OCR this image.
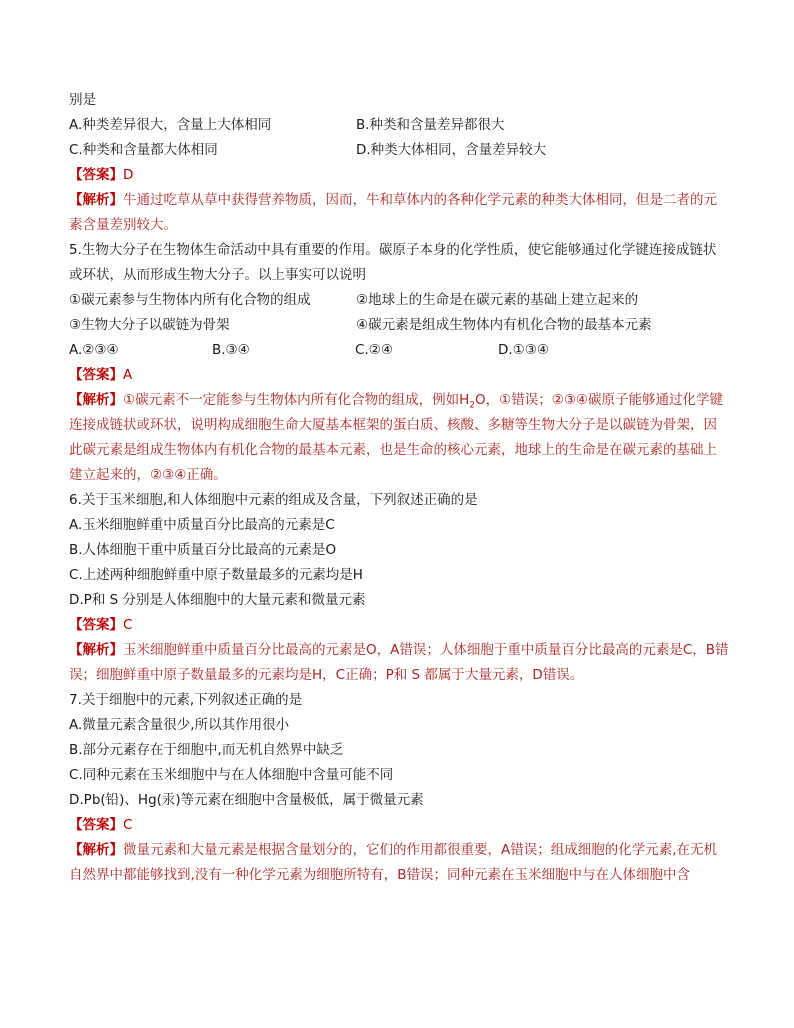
别是
A.种类差异很大，含量上大体相同	B.种类和含量差异都很大
C.种类和含量都大体相同	D.种类大体相同，含量差异较大
【答案】D
【解析】牛通过吃草从草中获得营养物质，因而，牛和草体内的各种化学元素的种类大体相同，但是二者的元素含量差别较大。
5.生物大分子在生物体生命活动中具有重要的作用。碳原子本身的化学性质，使它能够通过化学键连接成链状或环状，从而形成生物大分子。以上事实可以说明
①碳元素参与生物体内所有化合物的组成	②地球上的生命是在碳元素的基础上建立起来的
③生物大分子以碳链为骨架	④碳元素是组成生物体内有机化合物的最基本元素
A.②③④	B.③④	C.②④	D.①③④
【答案】A
【解析】①碳元素不一定能参与生物体内所有化合物的组成，例如$H_2O$，①错误；②③④碳原子能够通过化学键连接成链状或环状，说明构成细胞生命大厦基本框架的蛋白质、核酸、多糖等生物大分子是以碳链为骨架，因此碳元素是组成生物体内有机化合物的最基本元素，也是生命的核心元素，地球上的生命是在碳元素的基础上建立起来的，②③④正确。
6.关于玉米细胞,和人体细胞中元素的组成及含量，下列叙述正确的是
A.玉米细胞鲜重中质量百分比最高的元素是C
B.人体细胞干重中质量百分比最高的元素是O
C.上述两种细胞鲜重中原子数量最多的元素均是H
D.P和 S 分别是人体细胞中的大量元素和微量元素
【答案】C
【解析】玉米细胞鲜重中质量百分比最高的元素是O，A错误；人体细胞于重中质量百分比最高的元素是C，B错误；细胞鲜重中原子数量最多的元素均是H，C正确；P和 S 都属于大量元素，D错误。
7.关于细胞中的元素,下列叙述正确的是
A.微量元素含量很少,所以其作用很小
B.部分元素存在于细胞中,而无机自然界中缺乏
C.同种元素在玉米细胞中与在人体细胞中含量可能不同
D.Pb(铅)、Hg(汞)等元素在细胞中含量极低，属于微量元素
【答案】C
【解析】微量元素和大量元素是根据含量划分的，它们的作用都很重要，A错误；组成细胞的化学元素,在无机自然界中都能够找到,没有一种化学元素为细胞所特有，B错误；同种元素在玉米细胞中与在人体细胞中含
